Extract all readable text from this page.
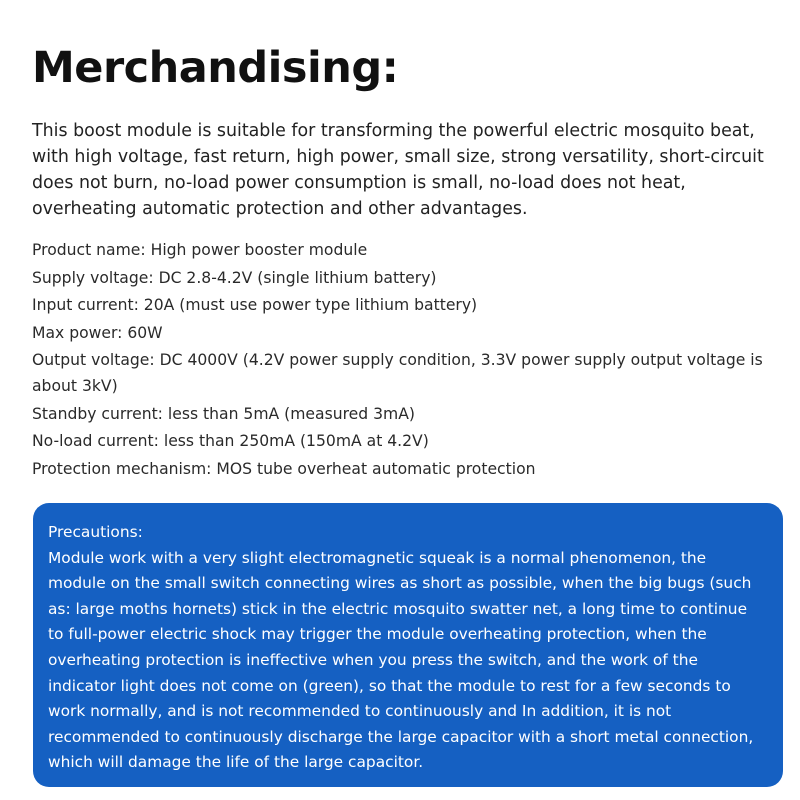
Merchandising:

This boost module is suitable for transforming the powerful electric mosquito beat, with high voltage, fast return, high power, small size, strong versatility, short-circuit does not burn, no-load power consumption is small, no-load does not heat, overheating automatic protection and other advantages.

Product name: High power booster module
Supply voltage: DC 2.8-4.2V (single lithium battery)
Input current: 20A (must use power type lithium battery)
Max power: 60W
Output voltage: DC 4000V (4.2V power supply condition, 3.3V power supply output voltage is about 3kV)
Standby current: less than 5mA (measured 3mA)
No-load current: less than 250mA (150mA at 4.2V)
Protection mechanism: MOS tube overheat automatic protection

Precautions:

Module work with a very slight electromagnetic squeak is a normal phenomenon, the module on the small switch connecting wires as short as possible, when the big bugs (such as: large moths hornets) stick in the electric mosquito swatter net, a long time to continue to full-power electric shock may trigger the module overheating protection, when the overheating protection is ineffective when you press the switch, and the work of the indicator light does not come on (green), so that the module to rest for a few seconds to work normally, and is not recommended to continuously and In addition, it is not recommended to continuously discharge the large capacitor with a short metal connection, which will damage the life of the large capacitor.
